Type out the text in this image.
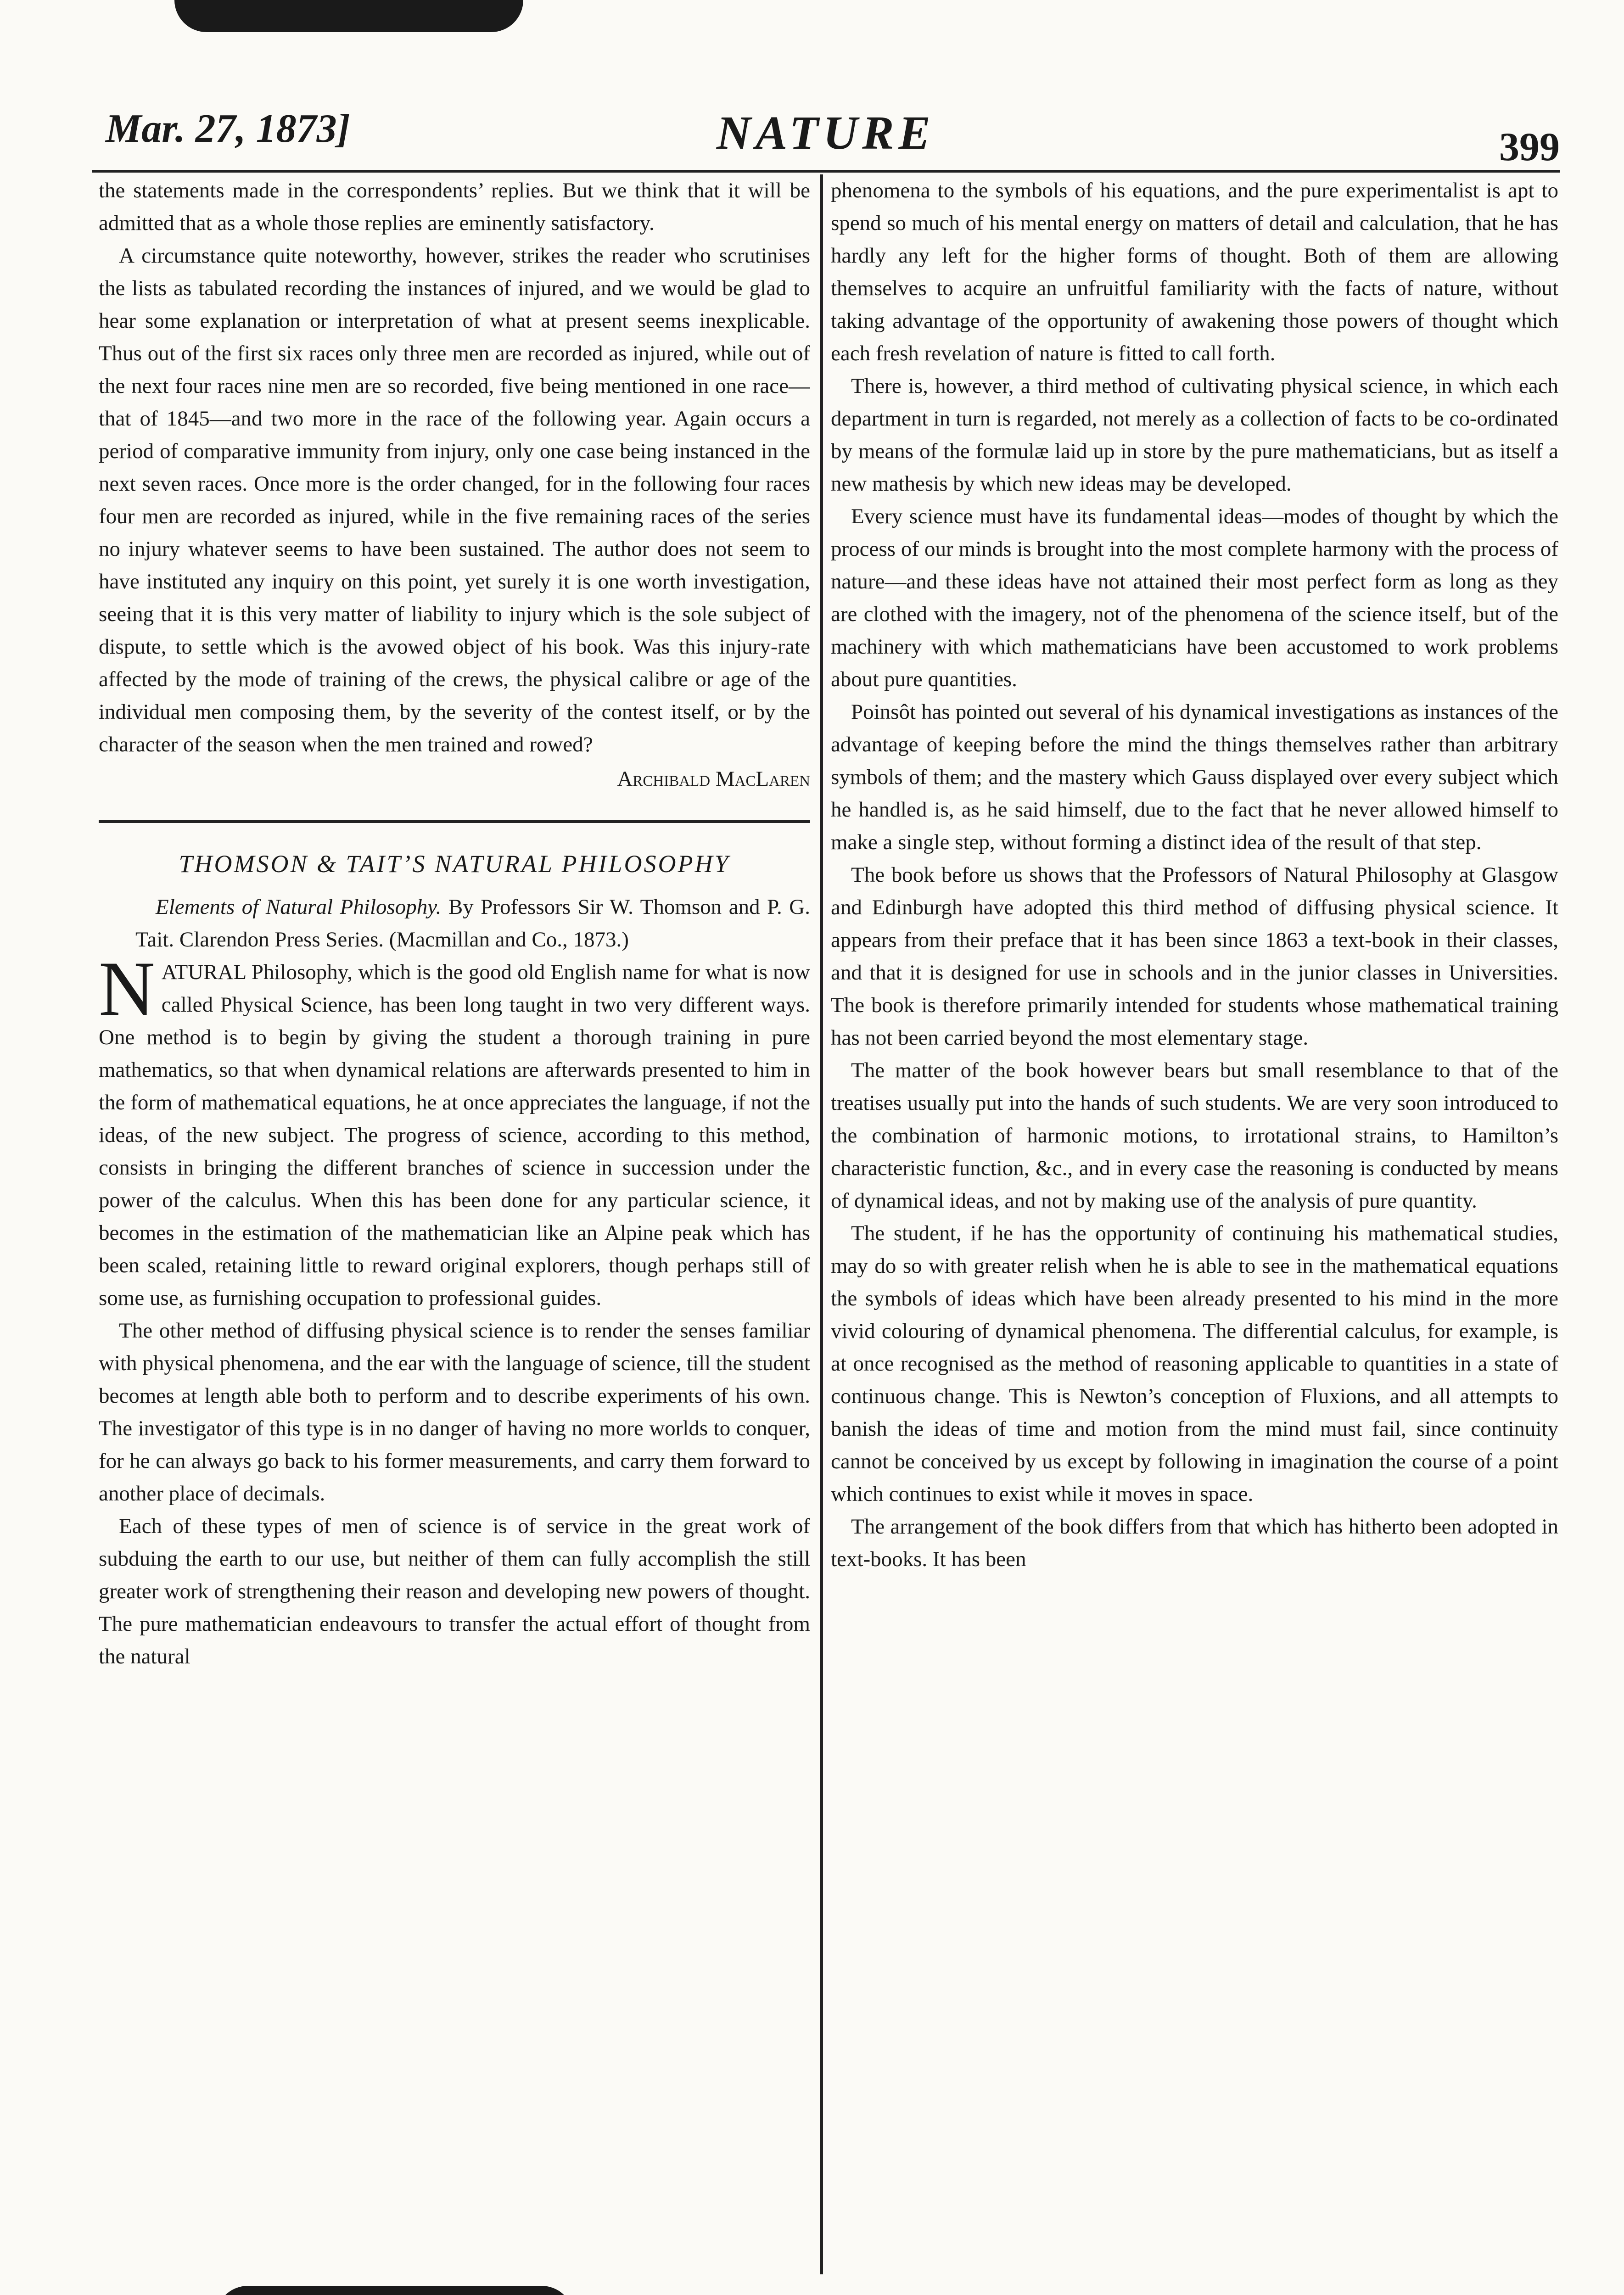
Mar. 27, 1873]	NATURE	399

the statements made in the correspondents’ replies. But we think that it will be admitted that as a whole those replies are eminently satisfactory.

A circumstance quite noteworthy, however, strikes the reader who scrutinises the lists as tabulated recording the instances of injured, and we would be glad to hear some explanation or interpretation of what at present seems inexplicable. Thus out of the first six races only three men are recorded as injured, while out of the next four races nine men are so recorded, five being mentioned in one race—that of 1845—and two more in the race of the following year. Again occurs a period of comparative immunity from injury, only one case being instanced in the next seven races. Once more is the order changed, for in the following four races four men are recorded as injured, while in the five remaining races of the series no injury whatever seems to have been sustained. The author does not seem to have instituted any inquiry on this point, yet surely it is one worth investigation, seeing that it is this very matter of liability to injury which is the sole subject of dispute, to settle which is the avowed object of his book. Was this injury-rate affected by the mode of training of the crews, the physical calibre or age of the individual men composing them, by the severity of the contest itself, or by the character of the season when the men trained and rowed?

Archibald MacLaren

THOMSON & TAIT’S NATURAL PHILOSOPHY

Elements of Natural Philosophy. By Professors Sir W. Thomson and P. G. Tait. Clarendon Press Series. (Macmillan and Co., 1873.)

NATURAL Philosophy, which is the good old English name for what is now called Physical Science, has been long taught in two very different ways. One method is to begin by giving the student a thorough training in pure mathematics, so that when dynamical relations are afterwards presented to him in the form of mathematical equations, he at once appreciates the language, if not the ideas, of the new subject. The progress of science, according to this method, consists in bringing the different branches of science in succession under the power of the calculus. When this has been done for any particular science, it becomes in the estimation of the mathematician like an Alpine peak which has been scaled, retaining little to reward original explorers, though perhaps still of some use, as furnishing occupation to professional guides.

The other method of diffusing physical science is to render the senses familiar with physical phenomena, and the ear with the language of science, till the student becomes at length able both to perform and to describe experiments of his own. The investigator of this type is in no danger of having no more worlds to conquer, for he can always go back to his former measurements, and carry them forward to another place of decimals.

Each of these types of men of science is of service in the great work of subduing the earth to our use, but neither of them can fully accomplish the still greater work of strengthening their reason and developing new powers of thought. The pure mathematician endeavours to transfer the actual effort of thought from the natural

phenomena to the symbols of his equations, and the pure experimentalist is apt to spend so much of his mental energy on matters of detail and calculation, that he has hardly any left for the higher forms of thought. Both of them are allowing themselves to acquire an unfruitful familiarity with the facts of nature, without taking advantage of the opportunity of awakening those powers of thought which each fresh revelation of nature is fitted to call forth.

There is, however, a third method of cultivating physical science, in which each department in turn is regarded, not merely as a collection of facts to be co-ordinated by means of the formulæ laid up in store by the pure mathematicians, but as itself a new mathesis by which new ideas may be developed.

Every science must have its fundamental ideas—modes of thought by which the process of our minds is brought into the most complete harmony with the process of nature—and these ideas have not attained their most perfect form as long as they are clothed with the imagery, not of the phenomena of the science itself, but of the machinery with which mathematicians have been accustomed to work problems about pure quantities.

Poinsôt has pointed out several of his dynamical investigations as instances of the advantage of keeping before the mind the things themselves rather than arbitrary symbols of them; and the mastery which Gauss displayed over every subject which he handled is, as he said himself, due to the fact that he never allowed himself to make a single step, without forming a distinct idea of the result of that step.

The book before us shows that the Professors of Natural Philosophy at Glasgow and Edinburgh have adopted this third method of diffusing physical science. It appears from their preface that it has been since 1863 a text-book in their classes, and that it is designed for use in schools and in the junior classes in Universities. The book is therefore primarily intended for students whose mathematical training has not been carried beyond the most elementary stage.

The matter of the book however bears but small resemblance to that of the treatises usually put into the hands of such students. We are very soon introduced to the combination of harmonic motions, to irrotational strains, to Hamilton’s characteristic function, &c., and in every case the reasoning is conducted by means of dynamical ideas, and not by making use of the analysis of pure quantity.

The student, if he has the opportunity of continuing his mathematical studies, may do so with greater relish when he is able to see in the mathematical equations the symbols of ideas which have been already presented to his mind in the more vivid colouring of dynamical phenomena. The differential calculus, for example, is at once recognised as the method of reasoning applicable to quantities in a state of continuous change. This is Newton’s conception of Fluxions, and all attempts to banish the ideas of time and motion from the mind must fail, since continuity cannot be conceived by us except by following in imagination the course of a point which continues to exist while it moves in space.

The arrangement of the book differs from that which has hitherto been adopted in text-books. It has been
